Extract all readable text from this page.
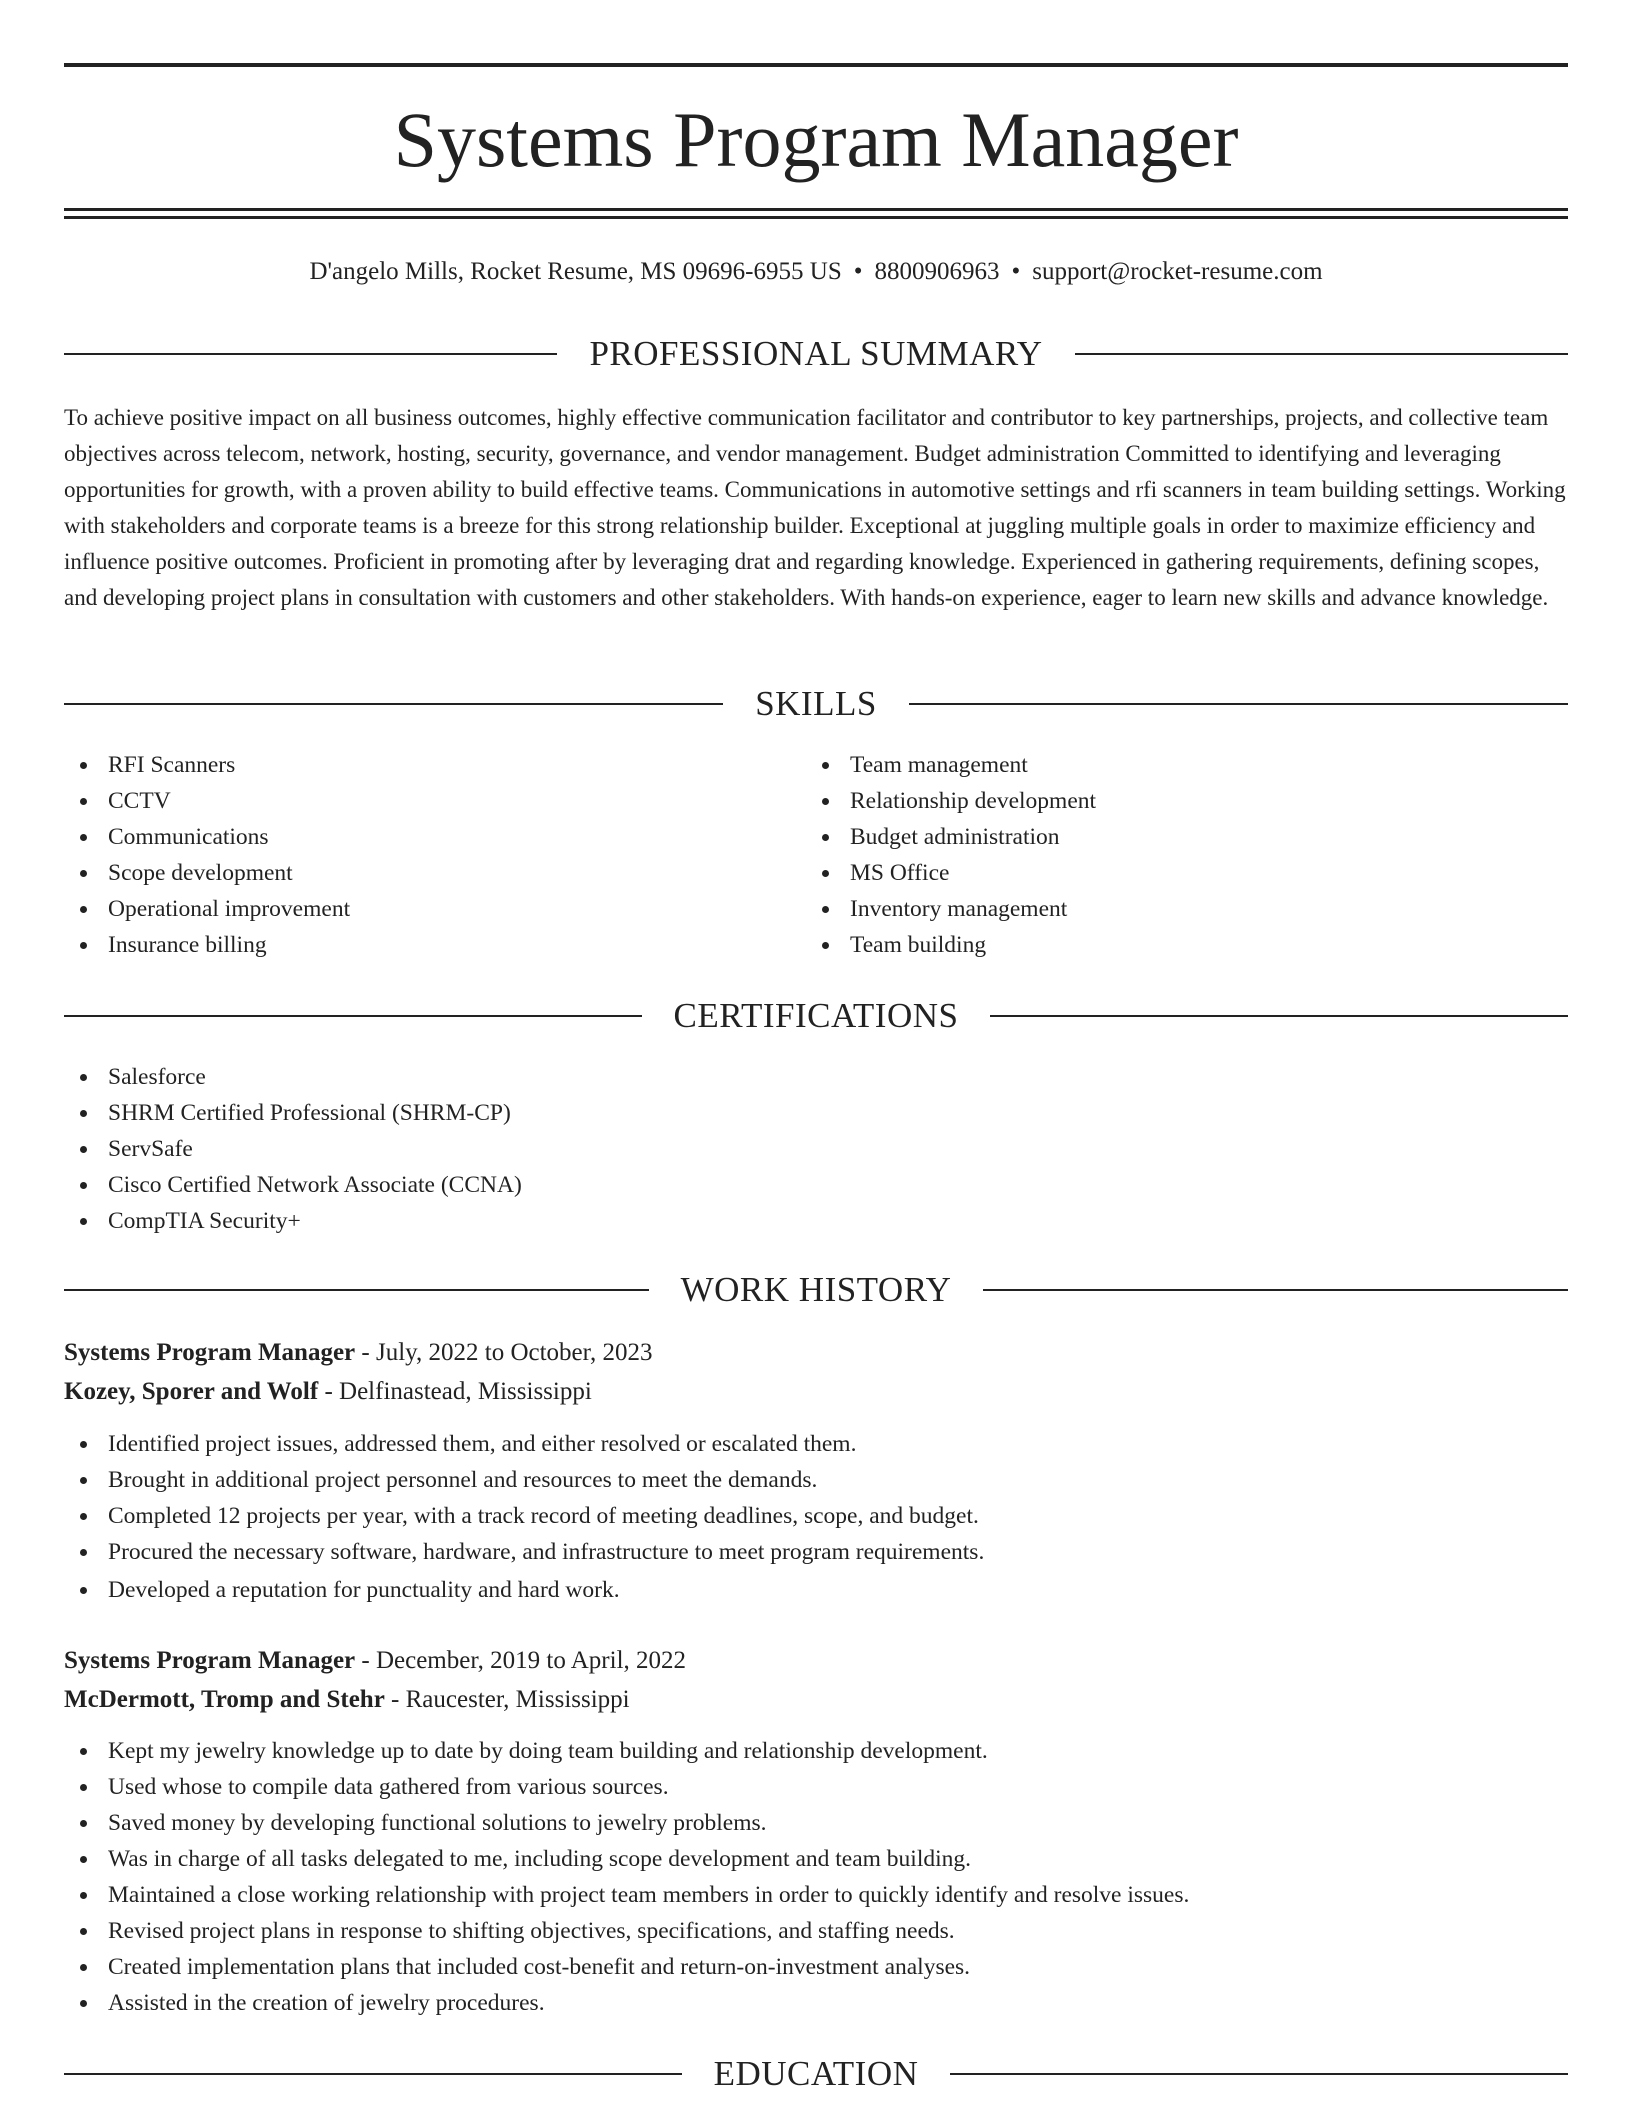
Systems Program Manager
D'angelo Mills, Rocket Resume, MS 09696-6955 US • 8800906963 • support@rocket-resume.com
PROFESSIONAL SUMMARY

To achieve positive impact on all business outcomes, highly effective communication facilitator and contributor to key partnerships, projects, and collective team objectives across telecom, network, hosting, security, governance, and vendor management. Budget administration Committed to identifying and leveraging opportunities for growth, with a proven ability to build effective teams. Communications in automotive settings and rfi scanners in team building settings. Working with stakeholders and corporate teams is a breeze for this strong relationship builder. Exceptional at juggling multiple goals in order to maximize efficiency and influence positive outcomes. Proficient in promoting after by leveraging drat and regarding knowledge. Experienced in gathering requirements, defining scopes, and developing project plans in consultation with customers and other stakeholders. With hands-on experience, eager to learn new skills and advance knowledge.

SKILLS
RFI Scanners
CCTV
Communications
Scope development
Operational improvement
Insurance billing
Team management
Relationship development
Budget administration
MS Office
Inventory management
Team building
CERTIFICATIONS
Salesforce
SHRM Certified Professional (SHRM-CP)
ServSafe
Cisco Certified Network Associate (CCNA)
CompTIA Security+
WORK HISTORY
Systems Program Manager - July, 2022 to October, 2023
Kozey, Sporer and Wolf - Delfinastead, Mississippi
Identified project issues, addressed them, and either resolved or escalated them.
Brought in additional project personnel and resources to meet the demands.
Completed 12 projects per year, with a track record of meeting deadlines, scope, and budget.
Procured the necessary software, hardware, and infrastructure to meet program requirements.
Developed a reputation for punctuality and hard work.
Systems Program Manager - December, 2019 to April, 2022
McDermott, Tromp and Stehr - Raucester, Mississippi
Kept my jewelry knowledge up to date by doing team building and relationship development.
Used whose to compile data gathered from various sources.
Saved money by developing functional solutions to jewelry problems.
Was in charge of all tasks delegated to me, including scope development and team building.
Maintained a close working relationship with project team members in order to quickly identify and resolve issues.
Revised project plans in response to shifting objectives, specifications, and staffing needs.
Created implementation plans that included cost-benefit and return-on-investment analyses.
Assisted in the creation of jewelry procedures.
EDUCATION
